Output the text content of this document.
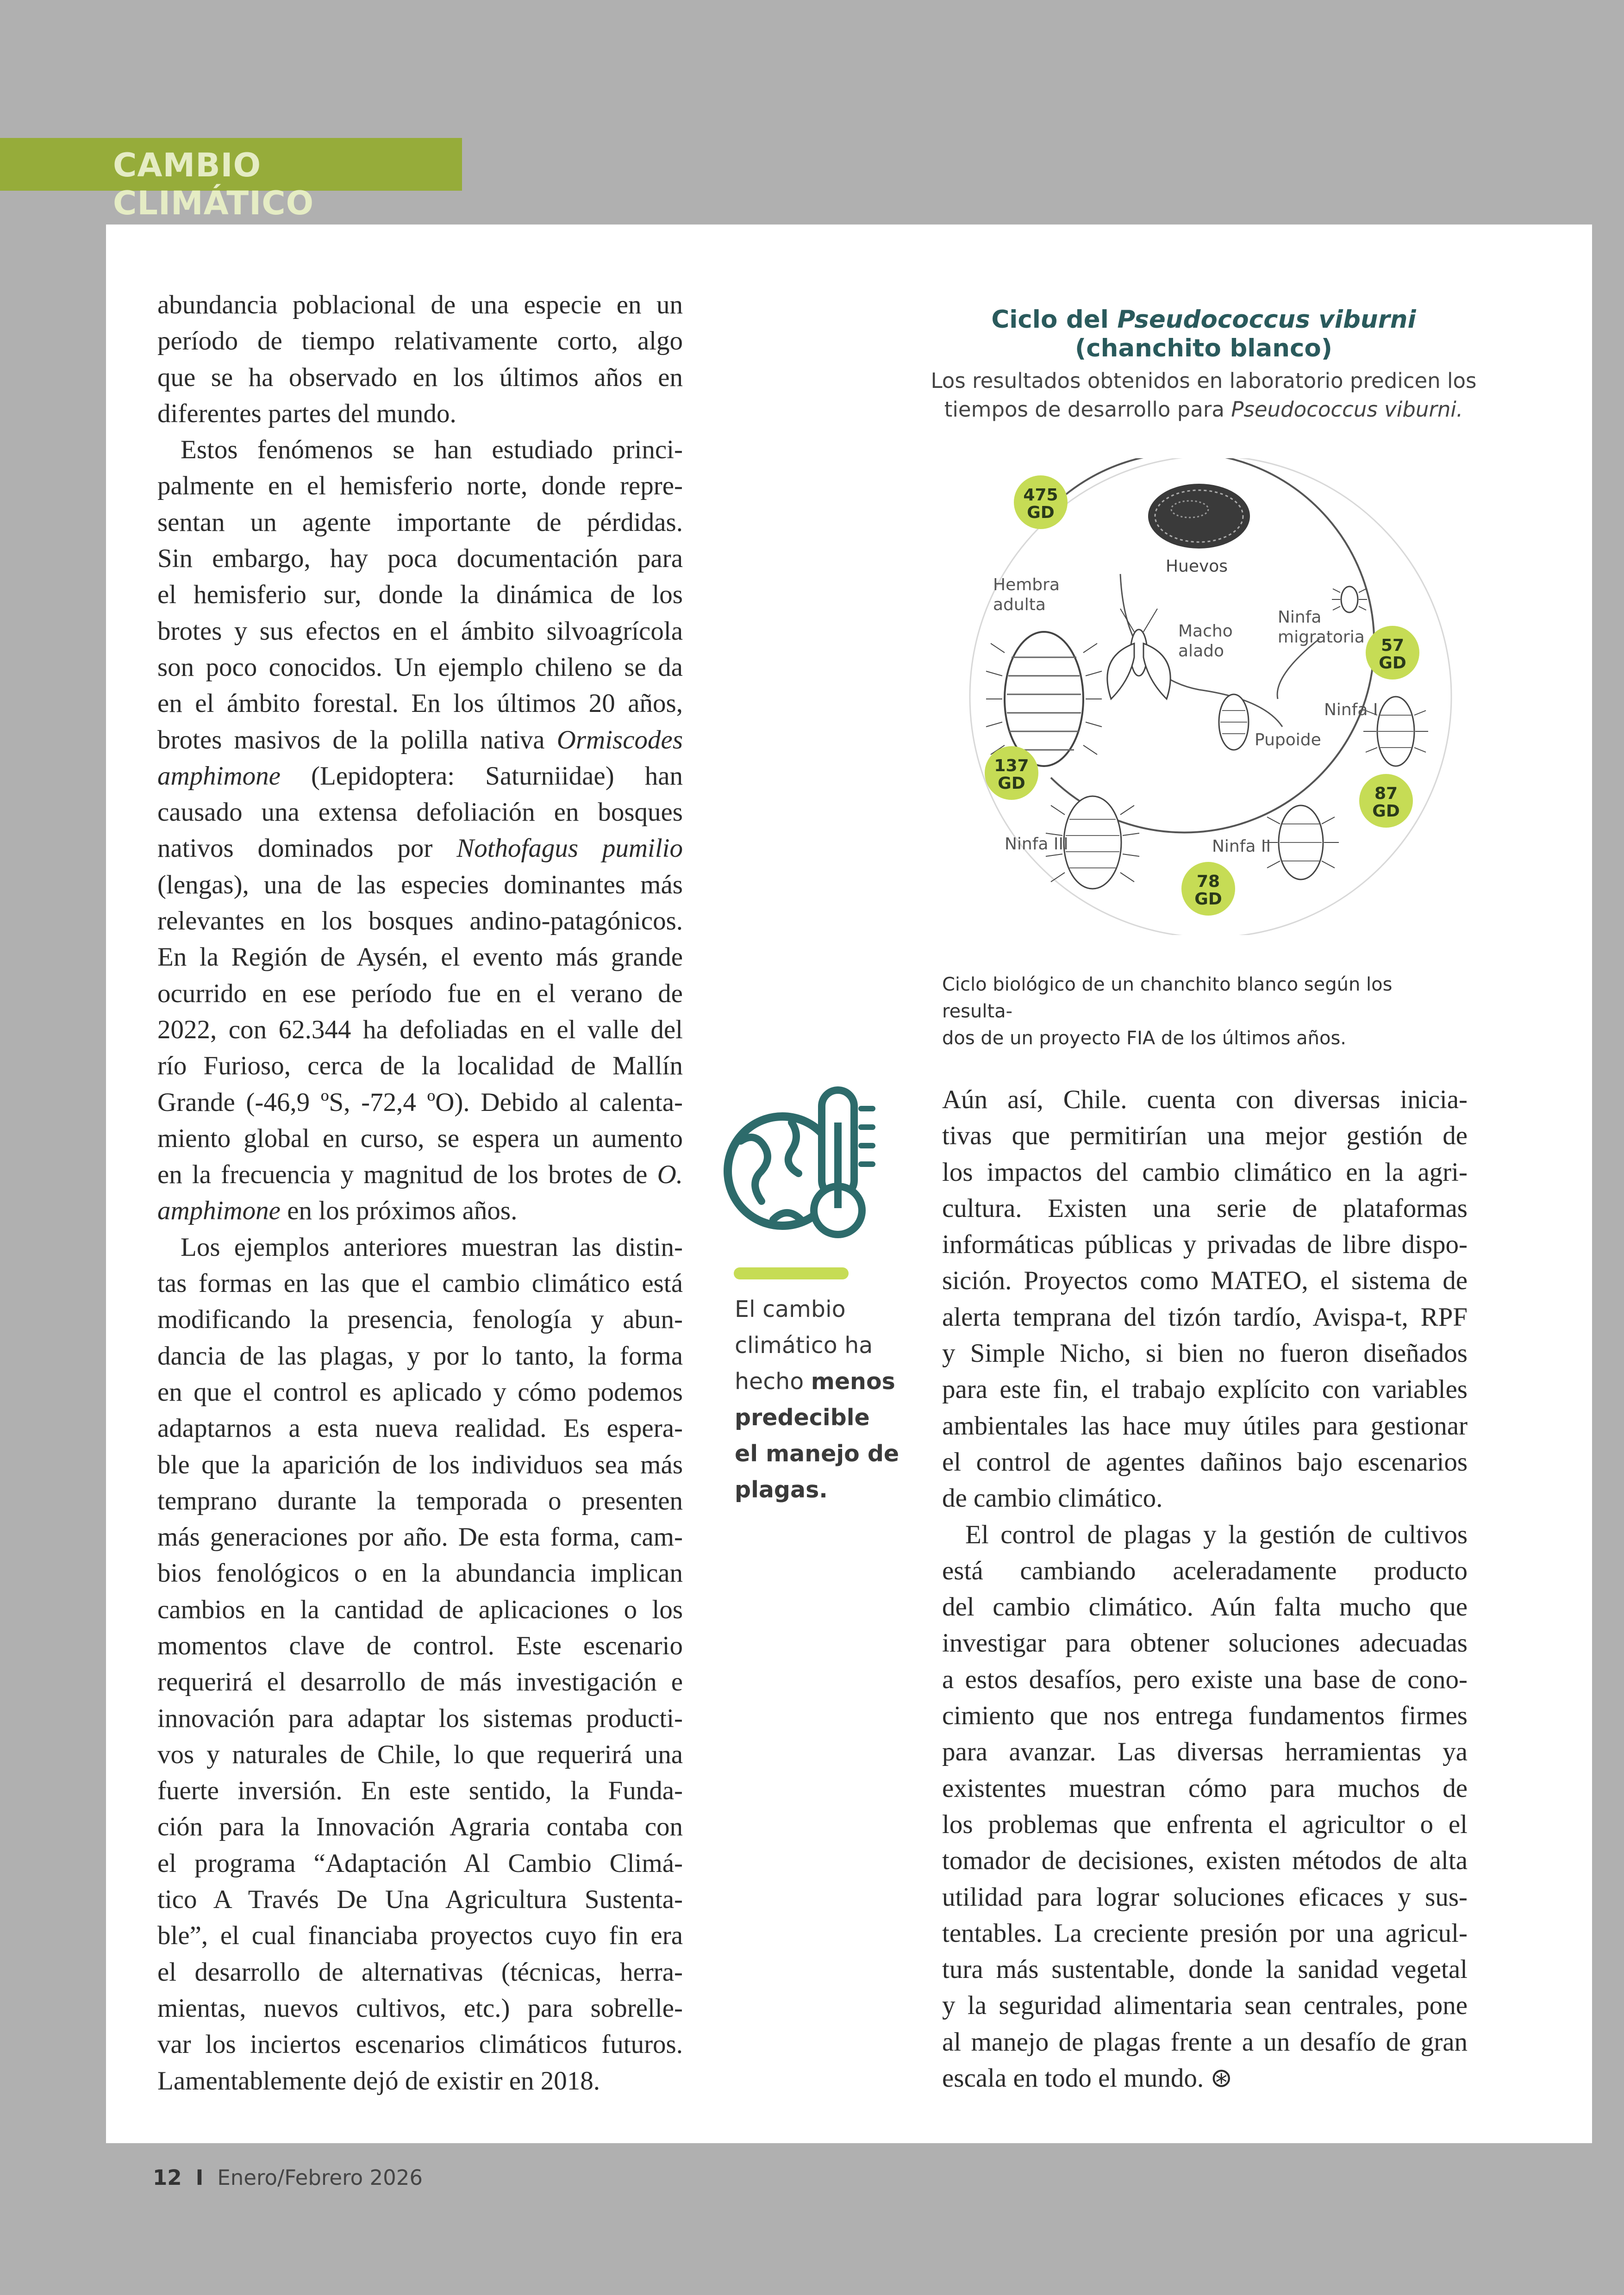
CAMBIO CLIMÁTICO
abundancia poblacional de una especie en un
período de tiempo relativamente corto, algo
que se ha observado en los últimos años en
diferentes partes del mundo.
Estos fenómenos se han estudiado princi-
palmente en el hemisferio norte, donde repre-
sentan un agente importante de pérdidas.
Sin embargo, hay poca documentación para
el hemisferio sur, donde la dinámica de los
brotes y sus efectos en el ámbito silvoagrícola
son poco conocidos. Un ejemplo chileno se da
en el ámbito forestal. En los últimos 20 años,
brotes masivos de la polilla nativa Ormiscodes
amphimone (Lepidoptera: Saturniidae) han
causado una extensa defoliación en bosques
nativos dominados por Nothofagus pumilio
(lengas), una de las especies dominantes más
relevantes en los bosques andino-patagónicos.
En la Región de Aysén, el evento más grande
ocurrido en ese período fue en el verano de
2022, con 62.344 ha defoliadas en el valle del
río Furioso, cerca de la localidad de Mallín
Grande (-46,9 ºS, -72,4 ºO). Debido al calenta-
miento global en curso, se espera un aumento
en la frecuencia y magnitud de los brotes de O.
amphimone en los próximos años.
Los ejemplos anteriores muestran las distin-
tas formas en las que el cambio climático está
modificando la presencia, fenología y abun-
dancia de las plagas, y por lo tanto, la forma
en que el control es aplicado y cómo podemos
adaptarnos a esta nueva realidad. Es espera-
ble que la aparición de los individuos sea más
temprano durante la temporada o presenten
más generaciones por año. De esta forma, cam-
bios fenológicos o en la abundancia implican
cambios en la cantidad de aplicaciones o los
momentos clave de control. Este escenario
requerirá el desarrollo de más investigación e
innovación para adaptar los sistemas producti-
vos y naturales de Chile, lo que requerirá una
fuerte inversión. En este sentido, la Funda-
ción para la Innovación Agraria contaba con
el programa “Adaptación Al Cambio Climá-
tico A Través De Una Agricultura Sustenta-
ble”, el cual financiaba proyectos cuyo fin era
el desarrollo de alternativas (técnicas, herra-
mientas, nuevos cultivos, etc.) para sobrelle-
var los inciertos escenarios climáticos futuros.
Lamentablemente dejó de existir en 2018.
Ciclo del Pseudococcus viburni
(chanchito blanco)
Los resultados obtenidos en laboratorio predicen los
tiempos de desarrollo para Pseudococcus viburni.
Huevos
Ninfa
migratoria
Macho
alado
Hembra
adulta
Pupoide
Ninfa I
Ninfa II
Ninfa III
475
GD
57
GD
87
GD
78
GD
137
GD
Ciclo biológico de un chanchito blanco según los resulta-
dos de un proyecto FIA de los últimos años.
El cambio
climático ha
hecho menos
predecible
el manejo de
plagas.
Aún así, Chile. cuenta con diversas inicia-
tivas que permitirían una mejor gestión de
los impactos del cambio climático en la agri-
cultura. Existen una serie de plataformas
informáticas públicas y privadas de libre dispo-
sición. Proyectos como MATEO, el sistema de
alerta temprana del tizón tardío, Avispa-t, RPF
y Simple Nicho, si bien no fueron diseñados
para este fin, el trabajo explícito con variables
ambientales las hace muy útiles para gestionar
el control de agentes dañinos bajo escenarios
de cambio climático.
El control de plagas y la gestión de cultivos
está cambiando aceleradamente producto
del cambio climático. Aún falta mucho que
investigar para obtener soluciones adecuadas
a estos desafíos, pero existe una base de cono-
cimiento que nos entrega fundamentos firmes
para avanzar. Las diversas herramientas ya
existentes muestran cómo para muchos de
los problemas que enfrenta el agricultor o el
tomador de decisiones, existen métodos de alta
utilidad para lograr soluciones eficaces y sus-
tentables. La creciente presión por una agricul-
tura más sustentable, donde la sanidad vegetal
y la seguridad alimentaria sean centrales, pone
al manejo de plagas frente a un desafío de gran
escala en todo el mundo. ⊛
12 I Enero/Febrero 2026
